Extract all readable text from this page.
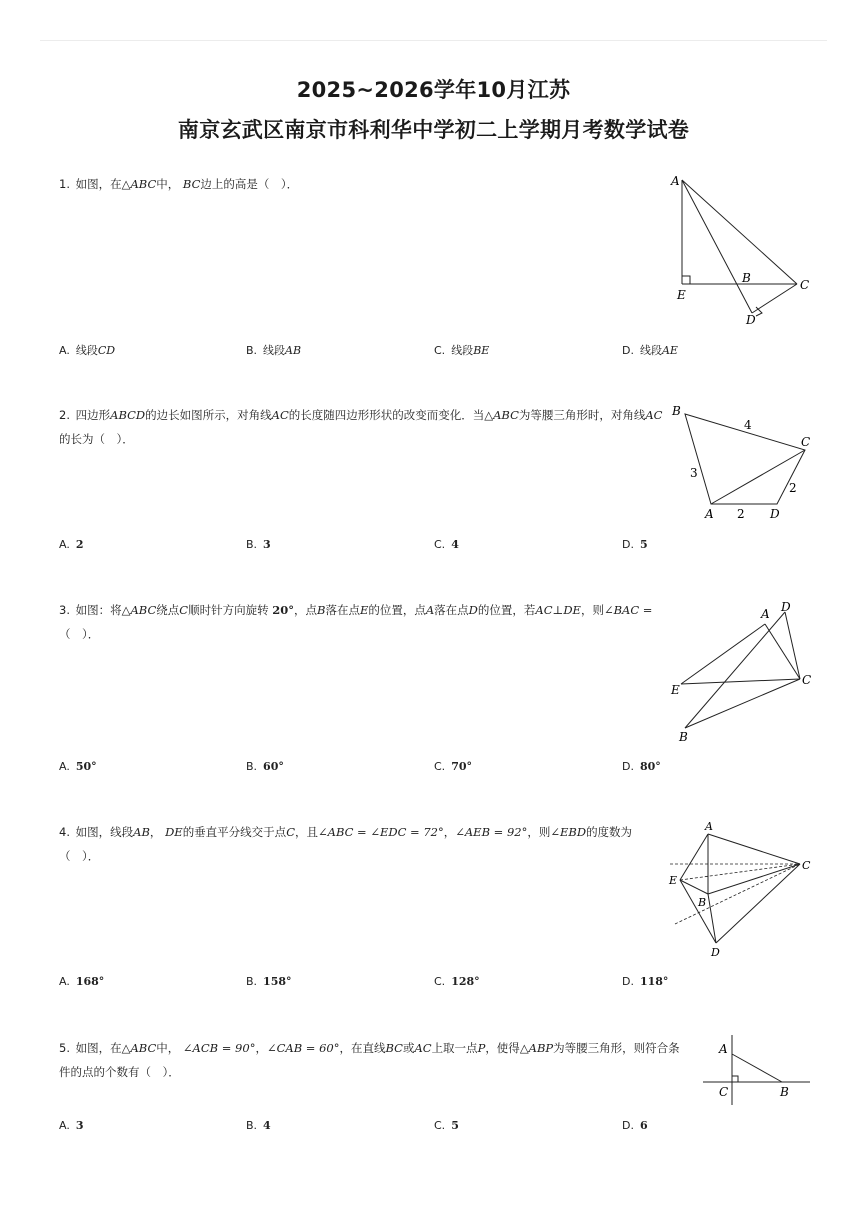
2025~2026学年10月江苏
南京玄武区南京市科利华中学初二上学期月考数学试卷
1. 如图，在△ABC中， BC边上的高是（　）．	A
B	C
D
E
A. 线段CD	B. 线段AB	C. 线段BE	D. 线段AE
2. 四边形ABCD的边长如图所示，对角线AC的长度随四边形形状的改变而变化．当△ABC为等腰三角形时，对角线AC的长为（　）．
B
C
A	D
4
3
2
2
A. 2	B. 3	C. 4	D. 5
3. 如图：将△ABC绕点C顺时针方向旋转 20°，点B落在点E的位置，点A落在点D的位置，若AC⊥DE，则∠BAC =（　）．
A D
E
C
B
A. 50°	B. 60°	C. 70°	D. 80°
4. 如图，线段AB， DE的垂直平分线交于点C，且∠ABC = ∠EDC = 72°，∠AEB = 92°，则∠EBD的度数为（　）．
A
C
E
B
D
A. 168°	B. 158°	C. 128°	D. 118°
5. 如图，在△ABC中， ∠ACB = 90°，∠CAB = 60°，在直线BC或AC上取一点P，使得△ABP为等腰三角形，则符合条件的点的个数有（　）．
A
C	B
A. 3	B. 4	C. 5	D. 6
